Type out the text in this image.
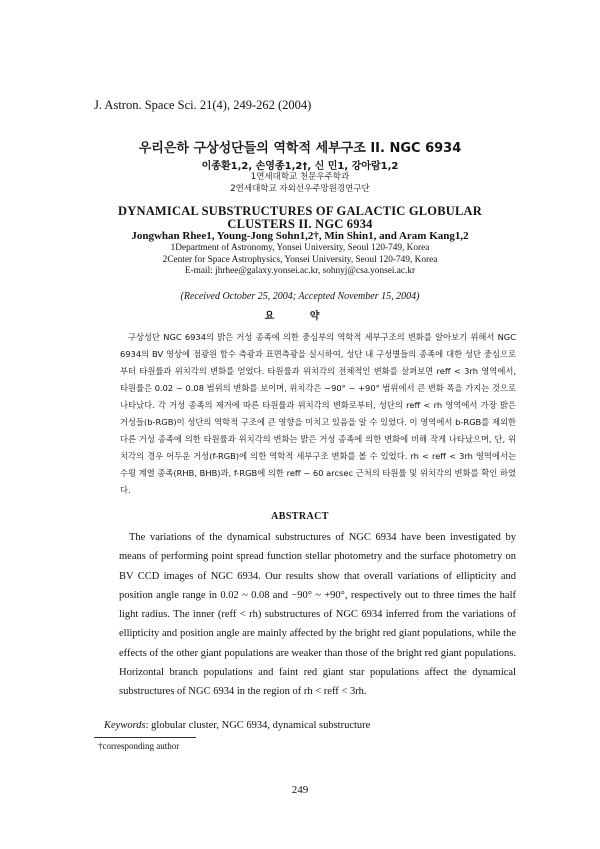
J. Astron. Space Sci. 21(4), 249-262 (2004)
우리은하 구상성단들의 역학적 세부구조 II. NGC 6934
이종환1,2, 손영종1,2†, 신 민1, 강아람1,2
1연세대학교 천문우주학과
2연세대학교 자외선우주망원경연구단
DYNAMICAL SUBSTRUCTURES OF GALACTIC GLOBULAR
CLUSTERS II. NGC 6934
Jongwhan Rhee1, Young-Jong Sohn1,2†, Min Shin1, and Aram Kang1,2
1Department of Astronomy, Yonsei University, Seoul 120-749, Korea
2Center for Space Astrophysics, Yonsei University, Seoul 120-749, Korea
E-mail: jhrhee@galaxy.yonsei.ac.kr, sohnyj@csa.yonsei.ac.kr
(Received October 25, 2004; Accepted November 15, 2004)
요 약
구상성단 NGC 6934의 밝은 거성 종족에 의한 중심부의 역학적 세부구조의 변화를 알아보기 위해서 NGC 6934의 BV 영상에 점광원 함수 측광과 표면측광을 실시하여, 성단 내 구성별들의 종족에 대한 성단 중심으로부터 타원률과 위치각의 변화를 얻었다. 타원률과 위치각의 전체적인 변화를 살펴보면 reff < 3rh 영역에서, 타원률은 0.02 ~ 0.08 범위의 변화를 보이며, 위치각은 −90° ~ +90° 범위에서 큰 변화 폭을 가지는 것으로 나타났다. 각 거성 종족의 제거에 따른 타원률과 위치각의 변화로부터, 성단의 reff < rh 영역에서 가장 밝은 거성들(b-RGB)이 성단의 역학적 구조에 큰 영향을 미치고 있음을 알 수 있었다. 이 영역에서 b-RGB를 제외한 다른 거성 종족에 의한 타원률과 위치각의 변화는 밝은 거성 종족에 의한 변화에 비해 작게 나타났으며, 단, 위치각의 경우 어두운 거성(f-RGB)에 의한 역학적 세부구조 변화를 볼 수 있었다. rh < reff < 3rh 영역에서는 수평 계열 종족(RHB, BHB)과, f-RGB에 의한 reff ~ 60 arcsec 근처의 타원률 및 위치각의 변화를 확인 하였다.
ABSTRACT
The variations of the dynamical substructures of NGC 6934 have been investigated by means of performing point spread function stellar photometry and the surface photometry on BV CCD images of NGC 6934. Our results show that overall variations of ellipticity and position angle range in 0.02 ~ 0.08 and −90° ~ +90°, respectively out to three times the half light radius. The inner (reff < rh) substructures of NGC 6934 inferred from the variations of ellipticity and position angle are mainly affected by the bright red giant populations, while the effects of the other giant populations are weaker than those of the bright red giant populations. Horizontal branch populations and faint red giant star populations affect the dynamical substructures of NGC 6934 in the region of rh < reff < 3rh.
Keywords: globular cluster, NGC 6934, dynamical substructure
†corresponding author
249
